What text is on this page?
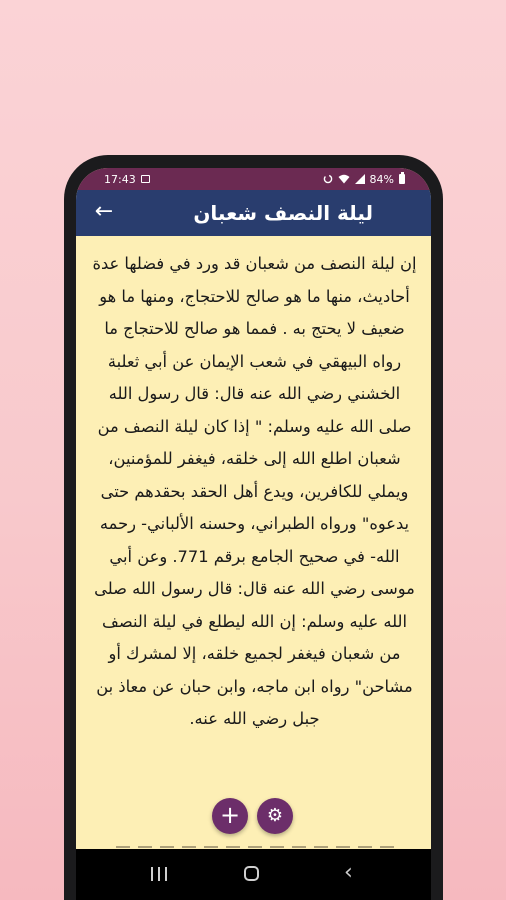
17:43	84%
←	ليلة النصف شعبان

إن ليلة النصف من شعبان قد ورد في فضلها عدة أحاديث، منها ما هو صالح للاحتجاج، ومنها ما هو ضعيف لا يحتج به . فمما هو صالح للاحتجاج ما رواه البيهقي في شعب الإيمان عن أبي ثعلبة الخشني رضي الله عنه قال: قال رسول الله صلى الله عليه وسلم: " إذا كان ليلة النصف من شعبان اطلع الله إلى خلقه، فيغفر للمؤمنين، ويملي للكافرين، ويدع أهل الحقد بحقدهم حتى يدعوه" ورواه الطبراني، وحسنه الألباني- رحمه الله- في صحيح الجامع برقم 771. وعن أبي موسى رضي الله عنه قال: قال رسول الله صلى الله عليه وسلم: إن الله ليطلع في ليلة النصف من شعبان فيغفر لجميع خلقه، إلا لمشرك أو مشاحن" رواه ابن ماجه، وابن حبان عن معاذ بن جبل رضي الله عنه.

+	⚙
‹
